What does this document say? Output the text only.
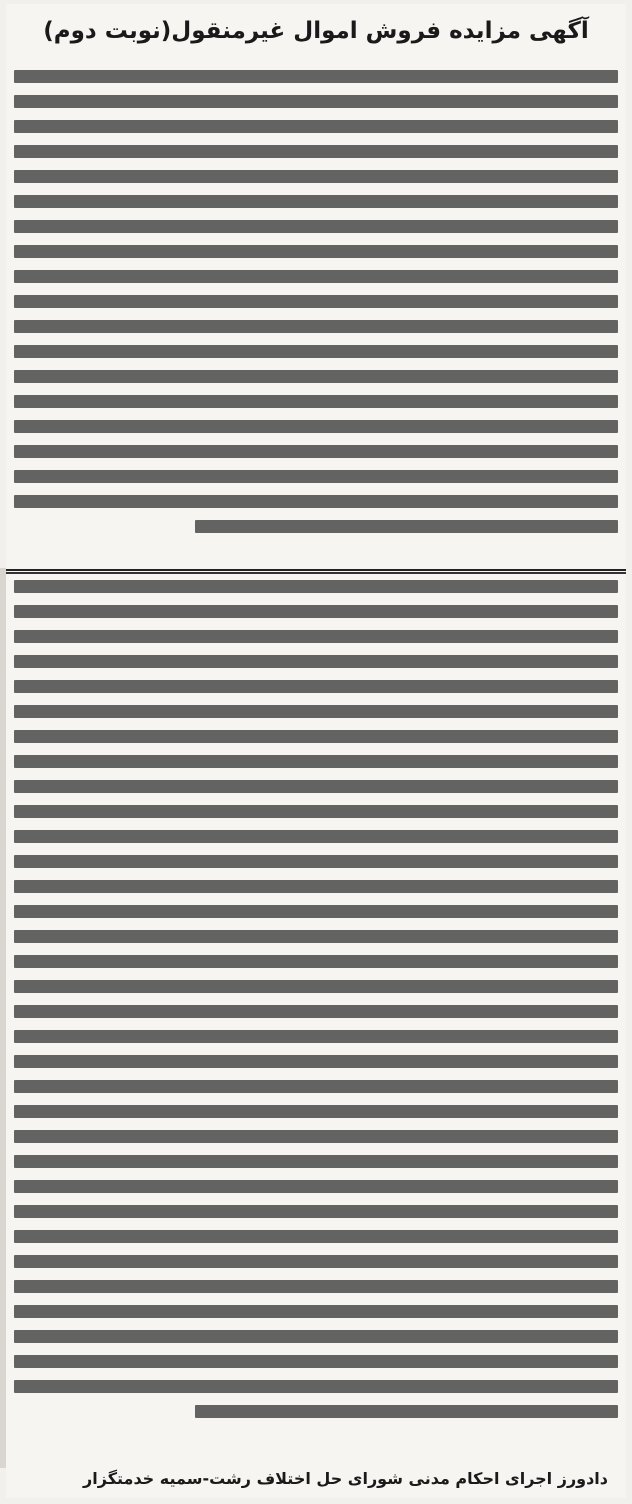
آگهی مزایده فروش اموال غیرمنقول(نوبت دوم)
دادورز اجرای احکام مدنی شورای حل اختلاف رشت-سمیه خدمتگزار
